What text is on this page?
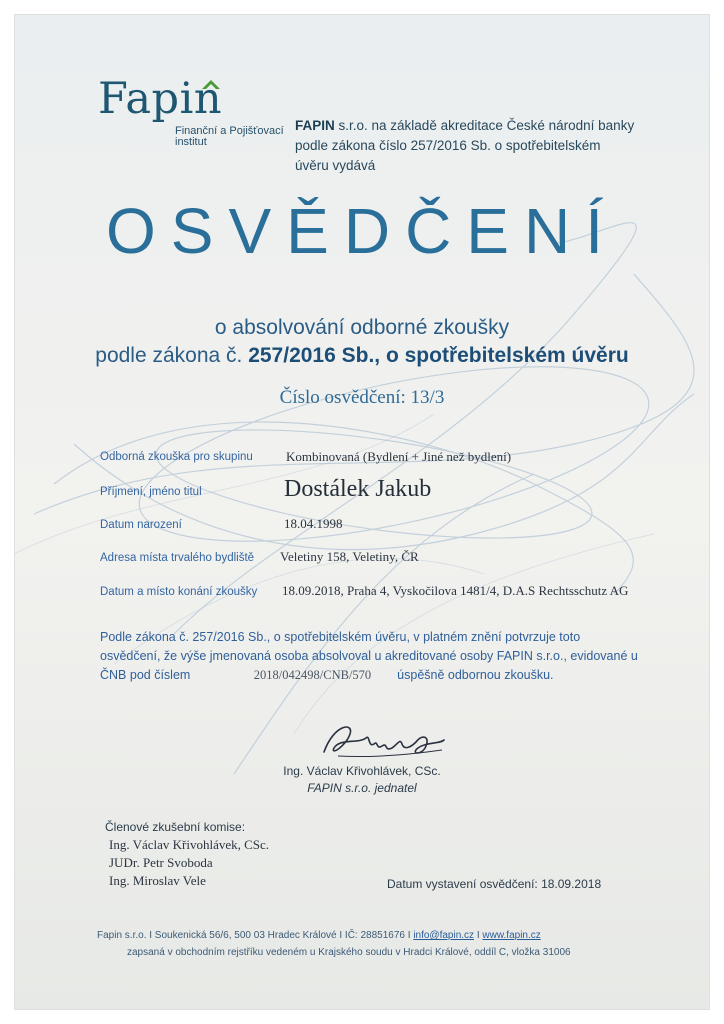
Fapin
Finanční a Pojišťovací
institut
FAPIN s.r.o. na základě akreditace České národní banky podle zákona číslo 257/2016 Sb. o spotřebitelském úvěru vydává
OSVĚDČENÍ
o absolvování odborné zkoušky
podle zákona č. 257/2016 Sb., o spotřebitelském úvěru
Číslo osvědčení: 13/3
Odborná zkouška pro skupinu	Kombinovaná (Bydlení + Jiné než bydlení)
Příjmení, jméno titul	Dostálek Jakub
Datum narození	18.04.1998
Adresa místa trvalého bydliště Veletiny 158, Veletiny, ČR
Datum a místo konání zkoušky 18.09.2018, Praha 4, Vyskočilova 1481/4, D.A.S Rechtsschutz AG
Podle zákona č. 257/2016 Sb., o spotřebitelském úvěru, v platném znění potvrzuje toto osvědčení, že výše jmenovaná osoba absolvoval u akreditované osoby FAPIN s.r.o., evidované u ČNB pod číslem	2018/042498/CNB/570 úspěšně odbornou zkoušku.
Ing. Václav Křivohlávek, CSc.
FAPIN s.r.o. jednatel
Členové zkušební komise:
Ing. Václav Křivohlávek, CSc.
JUDr. Petr Svoboda
Ing. Miroslav Vele	Datum vystavení osvědčení: 18.09.2018
Fapin s.r.o. I Soukenická 56/6, 500 03 Hradec Králové I IČ: 28851676 I info@fapin.cz I www.fapin.cz
zapsaná v obchodním rejstříku vedeném u Krajského soudu v Hradci Králové, oddíl C, vložka 31006
